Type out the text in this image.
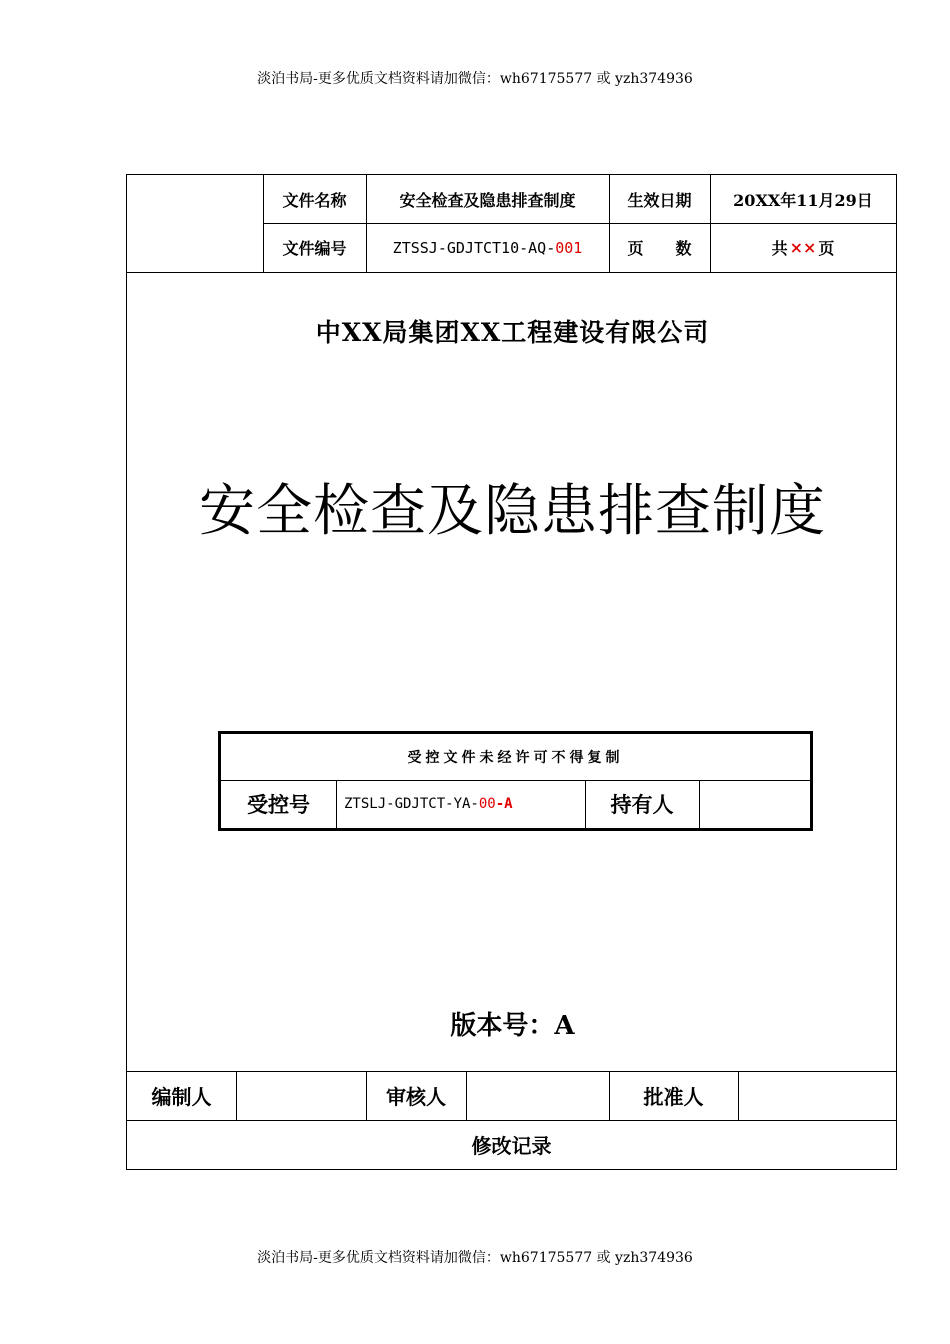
淡泊书局-更多优质文档资料请加微信：wh67175577 或 yzh374936
文件名称	安全检查及隐患排查制度	生效日期	20XX年11月29日
文件编号	ZTSSJ-GDJTCT10-AQ- 001	页　　数	共 ×× 页
中XX局集团XX工程建设有限公司
安全检查及隐患排查制度
受控文件未经许可不得复制
受控号	ZTSLJ-GDJTCT-YA- 00 -A	持有人
版本号：A
编制人	审核人	批准人
修改记录
淡泊书局-更多优质文档资料请加微信：wh67175577 或 yzh374936
